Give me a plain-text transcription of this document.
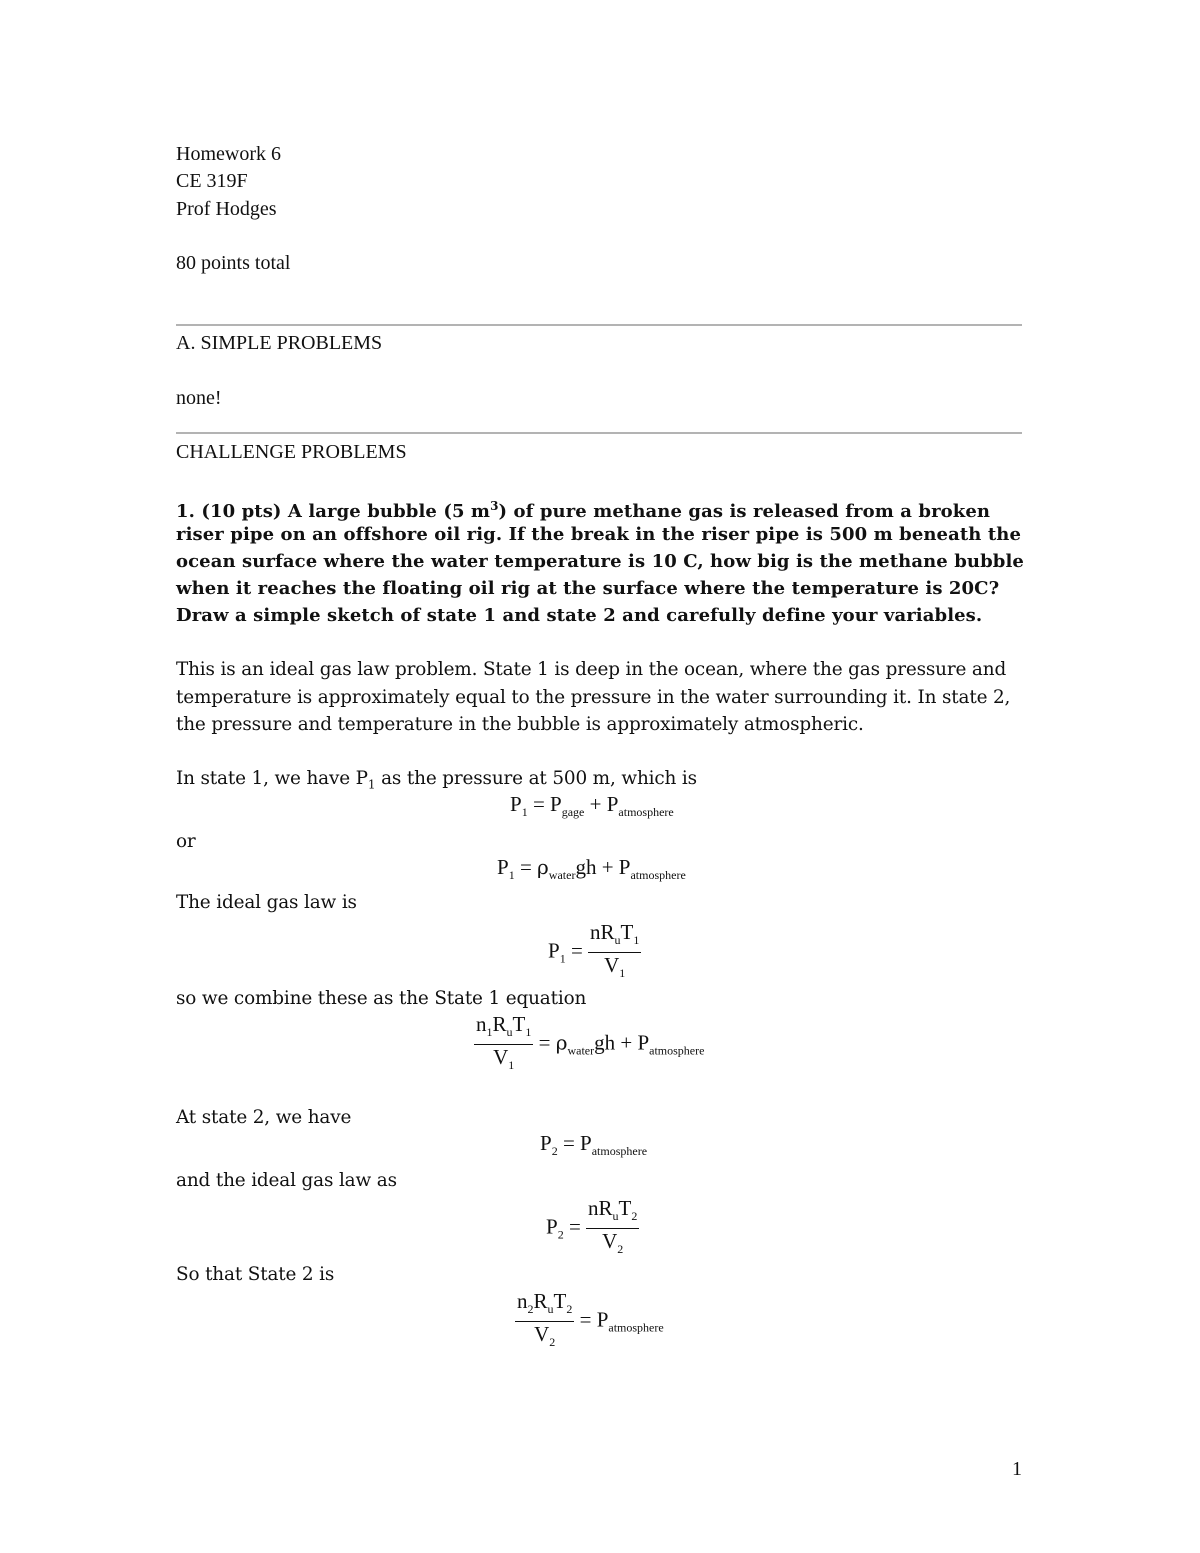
Homework 6
CE 319F
Prof Hodges
80 points total
A. SIMPLE PROBLEMS
none!
CHALLENGE PROBLEMS
1. (10 pts) A large bubble (5 $m^3$) of pure methane gas is released from a broken
riser pipe on an offshore oil rig. If the break in the riser pipe is 500 m beneath the
ocean surface where the water temperature is 10 C, how big is the methane bubble
when it reaches the floating oil rig at the surface where the temperature is 20C?
Draw a simple sketch of state 1 and state 2 and carefully define your variables.
This is an ideal gas law problem. State 1 is deep in the ocean, where the gas pressure and
temperature is approximately equal to the pressure in the water surrounding it. In state 2,
the pressure and temperature in the bubble is approximately atmospheric.
In state 1, we have $P_1$ as the pressure at 500 m, which is
$P_1 = P_{gage} + P_{atmosphere}$
or
$P_1 = \rho_{water}gh + P_{atmosphere}$
The ideal gas law is
$P_1 = \frac{nR_uT_1}{V_1}$
so we combine these as the State 1 equation
$\frac{n_1R_uT_1}{V_1} = \rho_{water}gh + P_{atmosphere}$
At state 2, we have
$P_2 = P_{atmosphere}$
and the ideal gas law as
$P_2 = \frac{nR_uT_2}{V_2}$
So that State 2 is
$\frac{n_2R_uT_2}{V_2} = P_{atmosphere}$
1
